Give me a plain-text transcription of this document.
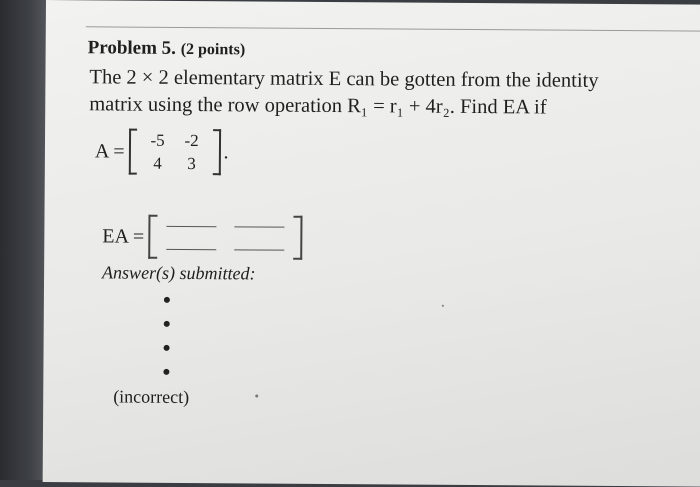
Problem 5. (2 points)
The 2 × 2 elementary matrix E can be gotten from the identity
matrix using the row operation R₁ = r₁ + 4r₂. Find EA if
A =	-5	-2
4	3
.
EA =
Answer(s) submitted:
(incorrect)
